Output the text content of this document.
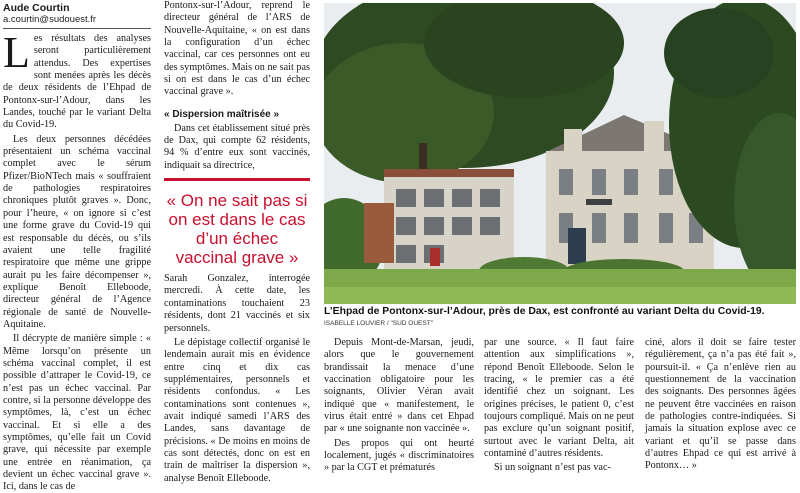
Aude Courtin
a.courtin@sudouest.fr

Les résultats des analyses seront particulièrement attendus. Des expertises sont menées après les décès de deux résidents de l’Ehpad de Pontonx-sur-l’Adour, dans les Landes, touché par le variant Delta du Covid-19.

Les deux personnes décédées présentaient un schéma vaccinal complet avec le sérum Pfizer/BioNTech mais « souffraient de pathologies respiratoires chroniques plutôt graves ». Donc, pour l’heure, « on ignore si c’est une forme grave du Covid-19 qui est responsable du décès, ou s’ils avaient une telle fragilité respiratoire que même une grippe aurait pu les faire décompenser », explique Benoît Elleboode, directeur général de l’Agence régionale de santé de Nouvelle-Aquitaine.

Il décrypte de manière simple : « Même lorsqu’on présente un schéma vaccinal complet, il est possible d’attraper le Covid-19, ce n’est pas un échec vaccinal. Par contre, si la personne développe des symptômes, là, c’est un échec vaccinal. Et si elle a des symptômes, qu’elle fait un Covid grave, qui nécessite par exemple une entrée en réanimation, ça devient un échec vaccinal grave ». Ici, dans le cas de

Pontonx-sur-l’Adour, reprend le directeur général de l’ARS de Nouvelle-Aquitaine, « on est dans la configuration d’un échec vaccinal, car ces personnes ont eu des symptômes. Mais on ne sait pas si on est dans le cas d’un échec vaccinal grave ».

« Dispersion maîtrisée »

Dans cet établissement situé près de Dax, qui compte 62 résidents, 94 % d’entre eux sont vaccinés, indiquait sa directrice,

« On ne sait pas si on est dans le cas d’un échec vaccinal grave »

Sarah Gonzalez, interrogée mercredi. À cette date, les contaminations touchaient 23 résidents, dont 21 vaccinés et six personnels.

Le dépistage collectif organisé le lendemain aurait mis en évidence entre cinq et dix cas supplémentaires, personnels et résidents confondus. « Les contaminations sont contenues », avait indiqué samedi l’ARS des Landes, sans davantage de précisions. « De moins en moins de cas sont détectés, donc on est en train de maîtriser la dispersion », analyse Benoît Elleboode.

L’Ehpad de Pontonx-sur-l’Adour, près de Dax, est confronté au variant Delta du Covid-19.
ISABELLE LOUVIER / "SUD OUEST"

Depuis Mont-de-Marsan, jeudi, alors que le gouvernement brandissait la menace d’une vaccination obligatoire pour les soignants, Olivier Véran avait indiqué que « manifestement, le virus était entré » dans cet Ehpad par « une soignante non vaccinée ».

Des propos qui ont heurté localement, jugés « discriminatoires » par la CGT et prématurés

par une source. « Il faut faire attention aux simplifications », répond Benoît Elleboode. Selon le tracing, « le premier cas a été identifié chez un soignant. Les origines précises, le patient 0, c’est toujours compliqué. Mais on ne peut pas exclure qu’un soignant positif, surtout avec le variant Delta, ait contaminé d’autres résidents.

Si un soignant n’est pas vac-

ciné, alors il doit se faire tester régulièrement, ça n’a pas été fait », poursuit-il. « Ça n’enlève rien au questionnement de la vaccination des soignants. Des personnes âgées ne peuvent être vaccinées en raison de pathologies contre-indiquées. Si jamais la situation explose avec ce variant et qu’il se passe dans d’autres Ehpad ce qui est arrivé à Pontonx… »
